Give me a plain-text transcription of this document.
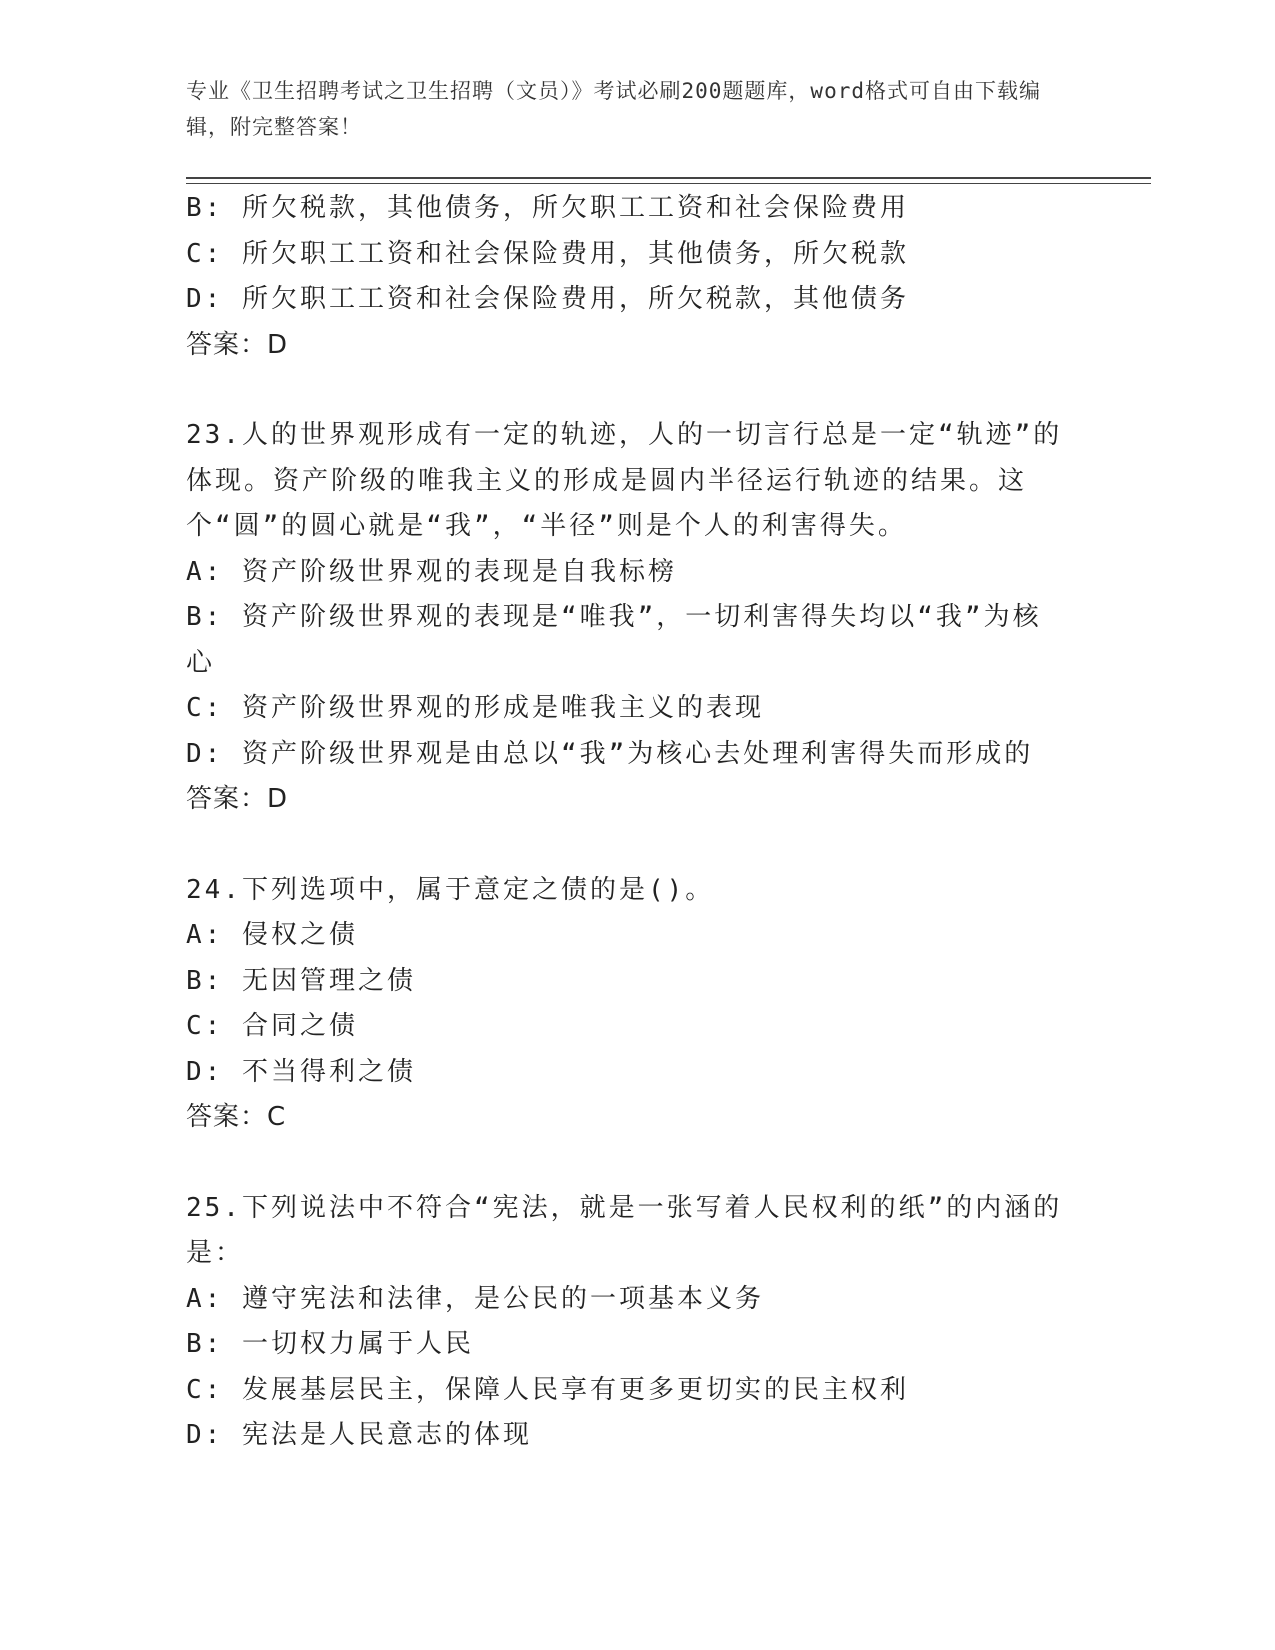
专业《卫生招聘考试之卫生招聘（文员）》考试必刷200题题库，word格式可自由下载编辑，附完整答案！
B: 所欠税款，其他债务，所欠职工工资和社会保险费用
C: 所欠职工工资和社会保险费用，其他债务，所欠税款
D: 所欠职工工资和社会保险费用，所欠税款，其他债务
答案：D
23.人的世界观形成有一定的轨迹，人的一切言行总是一定“轨迹”的体现。资产阶级的唯我主义的形成是圆内半径运行轨迹的结果。这个“圆”的圆心就是“我”，“半径”则是个人的利害得失。
A: 资产阶级世界观的表现是自我标榜
B: 资产阶级世界观的表现是“唯我”，一切利害得失均以“我”为核心
C: 资产阶级世界观的形成是唯我主义的表现
D: 资产阶级世界观是由总以“我”为核心去处理利害得失而形成的
答案：D
24.下列选项中，属于意定之债的是()。
A: 侵权之债
B: 无因管理之债
C: 合同之债
D: 不当得利之债
答案：C
25.下列说法中不符合“宪法，就是一张写着人民权利的纸”的内涵的是：
A: 遵守宪法和法律，是公民的一项基本义务
B: 一切权力属于人民
C: 发展基层民主，保障人民享有更多更切实的民主权利
D: 宪法是人民意志的体现
